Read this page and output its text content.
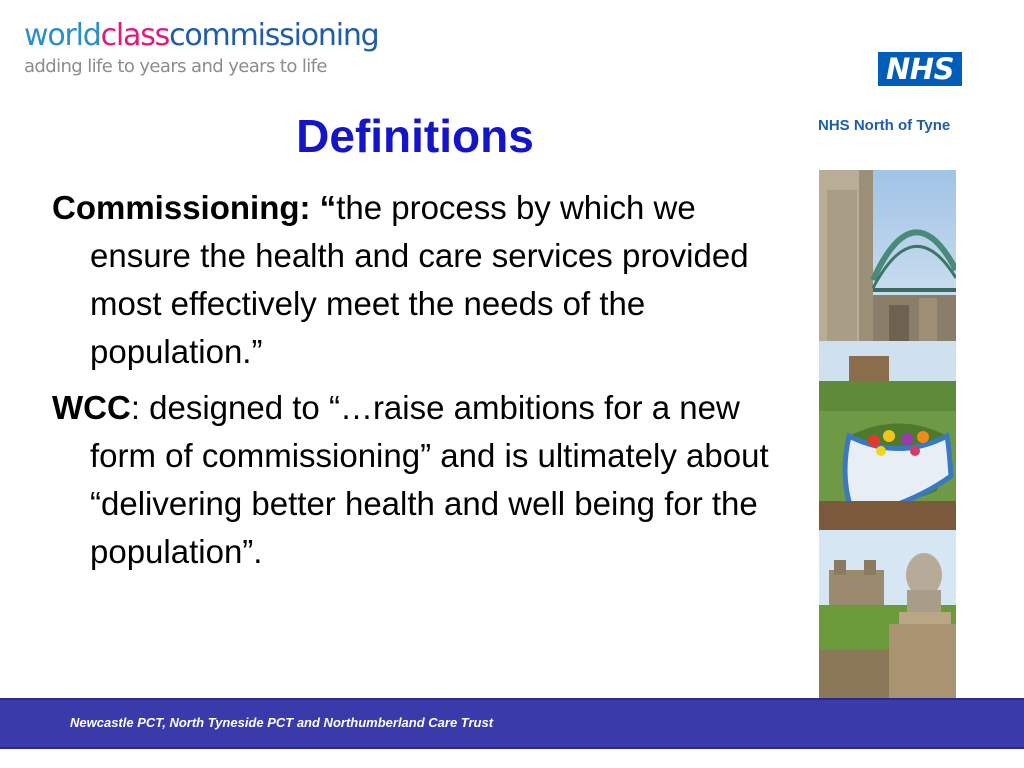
worldclasscommissioning
adding life to years and years to life	NHS
NHS North of Tyne
Definitions

Commissioning: “the process by which we ensure the health and care services provided most effectively meet the needs of the population.”

WCC: designed to “…raise ambitions for a new form of commissioning” and is ultimately about “delivering better health and well being for the population”.

Newcastle PCT, North Tyneside PCT and Northumberland Care Trust
